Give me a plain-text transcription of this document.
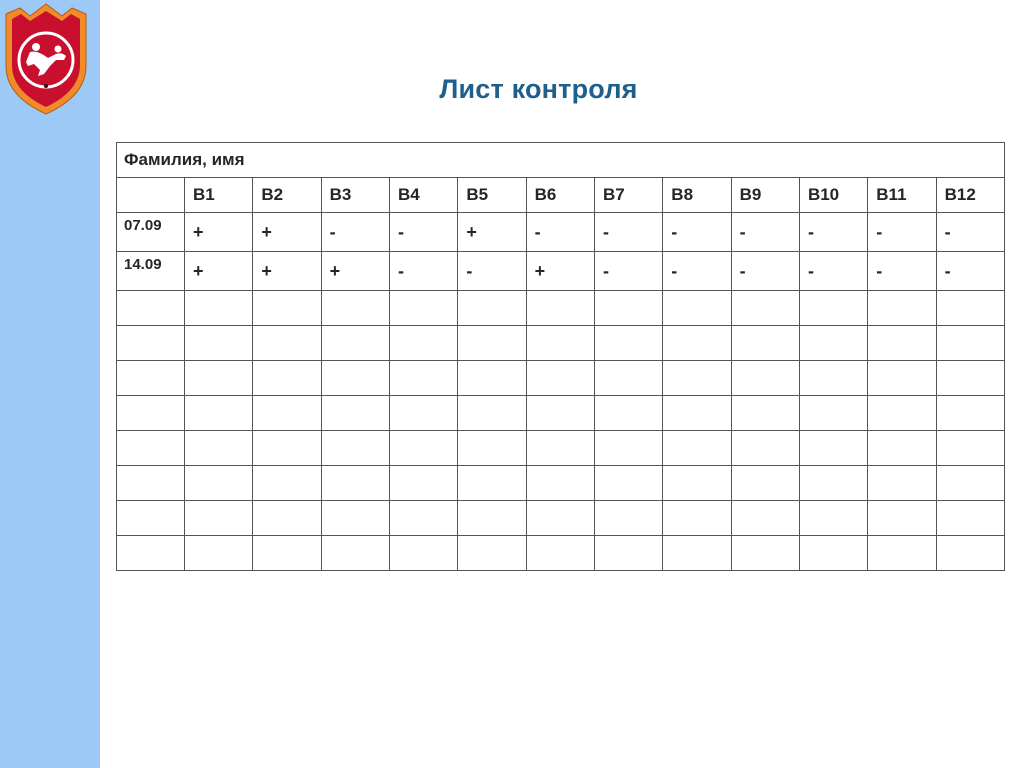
Лист контроля
Фамилия, имя												
	В1	В2	В3	В4	В5	В6	В7	В8	В9	В10	В11	В12
07.09	+	+	-	-	+	-	-	-	-	-	-	-
14.09	+	+	+	-	-	+	-	-	-	-	-	-
